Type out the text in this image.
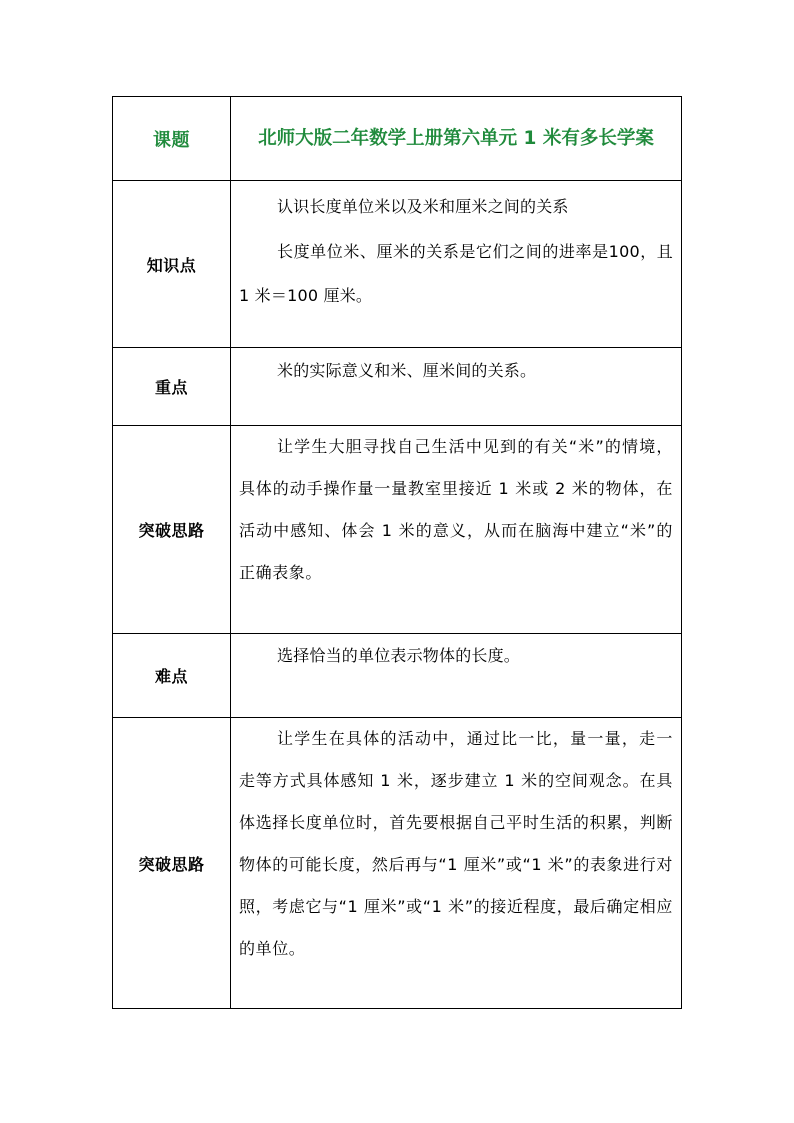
课题	北师大版二年数学上册第六单元 1 米有多长学案
知识点	认识长度单位米以及米和厘米之间的关系

长度单位米、厘米的关系是它们之间的进率是100，且 1 米＝100 厘米。

重点	米的实际意义和米、厘米间的关系。

突破思路	让学生大胆寻找自己生活中见到的有关“米”的情境，具体的动手操作量一量教室里接近 1 米或 2 米的物体，在活动中感知、体会 1 米的意义，从而在脑海中建立“米”的正确表象。

难点	选择恰当的单位表示物体的长度。

突破思路	让学生在具体的活动中，通过比一比，量一量，走一走等方式具体感知 1 米，逐步建立 1 米的空间观念。在具体选择长度单位时，首先要根据自己平时生活的积累，判断物体的可能长度，然后再与“1 厘米”或“1 米”的表象进行对照，考虑它与“1 厘米”或“1 米”的接近程度，最后确定相应的单位。
